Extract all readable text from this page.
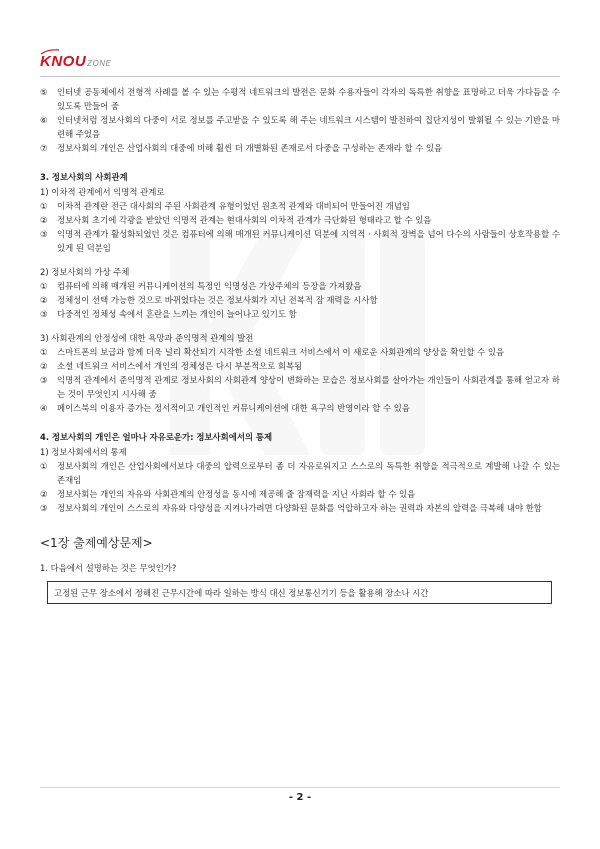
KNOU ZONE
⑤	인터넷 공동체에서 전형적 사례를 볼 수 있는 수평적 네트워크의 발전은 문화 수용자들이 각자의 독특한 취향을 표명하고 더욱 가다듬을 수 있도록 만들어 줌
⑥	인터넷처럼 정보사회의 다중이 서로 정보를 주고받을 수 있도록 해 주는 네트워크 시스템이 발전하여 집단지성이 발휘될 수 있는 기반을 마련해 주었음
⑦	정보사회의 개인은 산업사회의 대중에 비해 훨씬 더 개별화된 존재로서 다중을 구성하는 존재라 할 수 있음
3. 정보사회의 사회관계
1) 이차적 관계에서 익명적 관계로
①	이차적 관계란 전근 대사회의 주된 사회관계 유형이었던 원초적 관계와 대비되어 만들어진 개념임
②	정보사회 초기에 각광을 받았던 익명적 관계는 현대사회의 이차적 관계가 극단화된 형태라고 할 수 있음
③	익명적 관계가 활성화되었던 것은 컴퓨터에 의해 매개된 커뮤니케이션 덕분에 지역적 · 사회적 장벽을 넘어 다수의 사람들이 상호작용할 수 있게 된 덕분임
2) 정보사회의 가상 주체
①	컴퓨터에 의해 매개된 커뮤니케이션의 특정인 익명성은 가상주체의 등장을 가져왔음
②	정체성이 선택 가능한 것으로 바뀌었다는 것은 정보사회가 지닌 전복적 잠 재력을 시사함
③	다중적인 정체성 속에서 혼란을 느끼는 개인이 늘어나고 있기도 함
3) 사회관계의 안정성에 대한 욕망과 준익명적 관계의 발전
①	스마트폰의 보급과 함께 더욱 널리 확산되기 시작한 소셜 네트워크 서비스에서 이 새로운 사회관계의 양상을 확인할 수 있음
②	소셜 네트워크 서비스에서 개인의 정체성은 다시 부분적으로 회복됨
③	익명적 관계에서 준익명적 관계로 정보사회의 사회관계 양상이 변화하는 모습은 정보사회를 살아가는 개인들이 사회관계를 통해 얻고자 하는 것이 무엇인지 시사해 줌
④	페이스북의 이용자 증가는 정서적이고 개인적인 커뮤니케이션에 대한 욕구의 반영이라 할 수 있음
4. 정보사회의 개인은 얼마나 자유로운가: 정보사회에서의 통제
1) 정보사회에서의 통제
①	정보사회의 개인은 산업사회에서보다 대중의 압력으로부터 좀 더 자유로워지고 스스로의 독특한 취향을 적극적으로 계발해 나갈 수 있는 존재임
②	정보사회는 개인의 자유와 사회관계의 안정성을 동시에 제공해 줄 잠재력을 지닌 사회라 할 수 있음
③	정보사회의 개인이 스스로의 자유와 다양성을 지켜나가려면 다양화된 문화를 억압하고자 하는 권력과 자본의 압력을 극복해 내야 한함
<1장 출제예상문제>
1. 다음에서 설명하는 것은 무엇인가?
고정된 근무 장소에서 정해진 근무시간에 따라 일하는 방식 대신 정보통신기기 등을 활용해 장소나 시간
- 2 -
